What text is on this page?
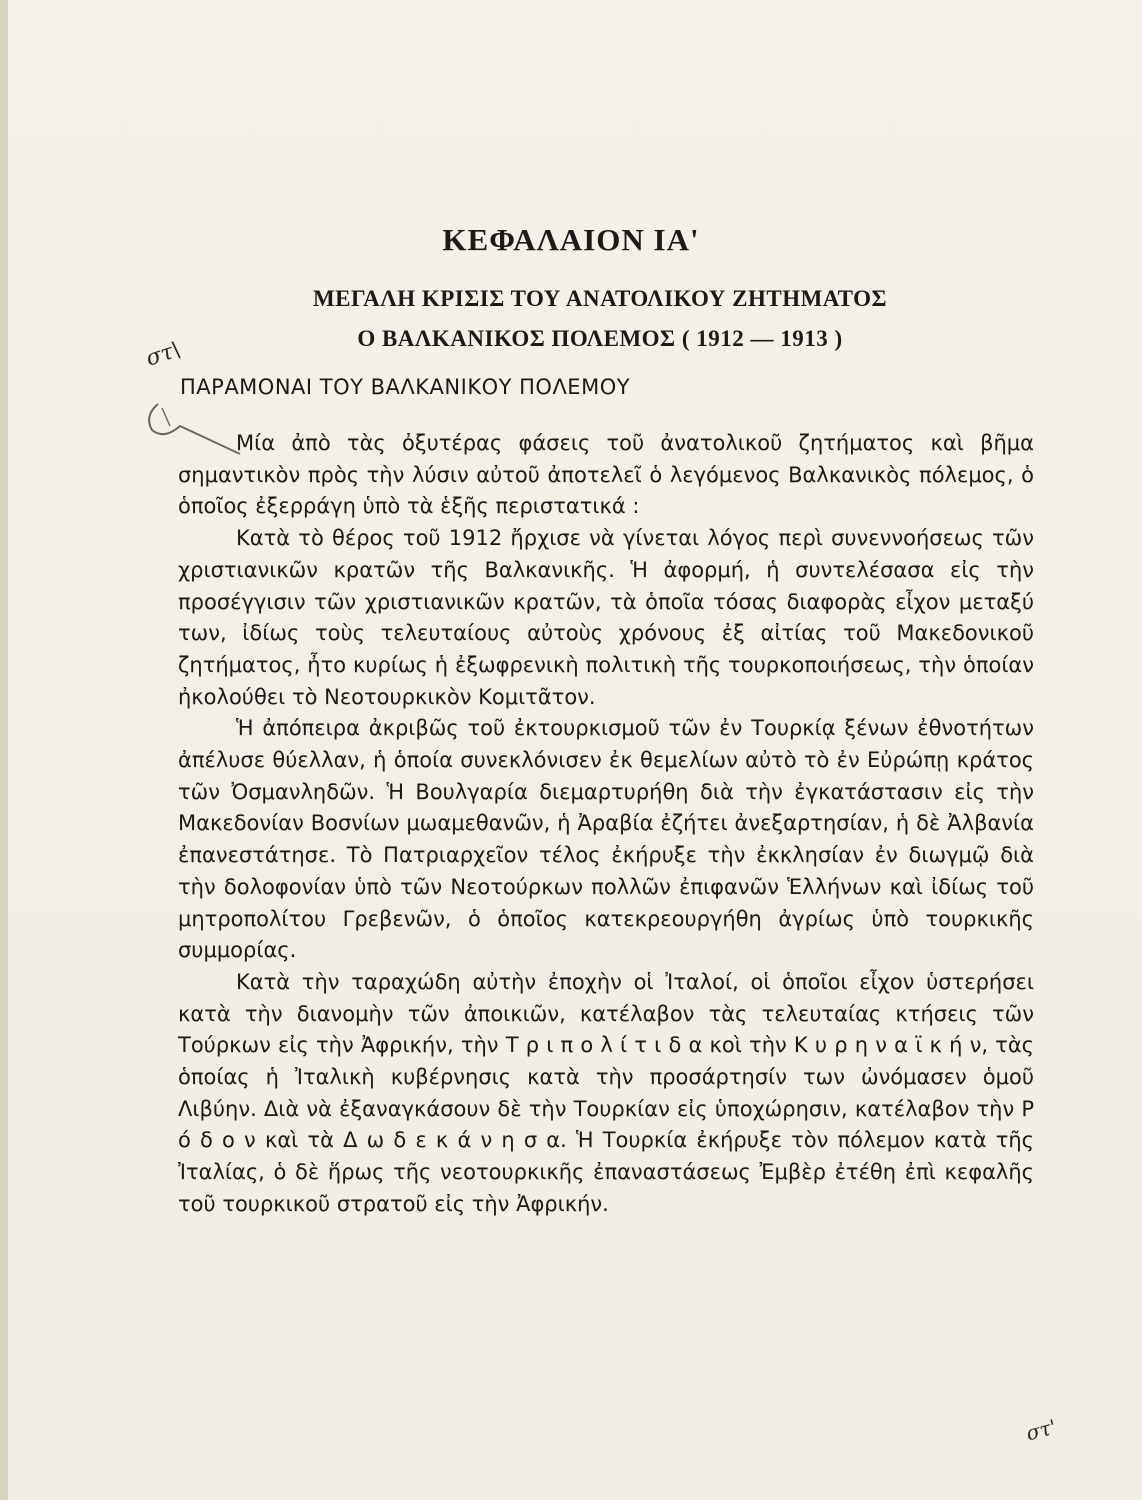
ΚΕΦΑΛΑΙΟΝ ΙΑ'
ΜΕΓΑΛΗ ΚΡΙΣΙΣ ΤΟΥ ΑΝΑΤΟΛΙΚΟΥ ΖΗΤΗΜΑΤΟΣ
Ο ΒΑΛΚΑΝΙΚΟΣ ΠΟΛΕΜΟΣ ( 1912 — 1913 )
στ\
ΠΑΡΑΜΟΝΑΙ ΤΟΥ ΒΑΛΚΑΝΙΚΟΥ ΠΟΛΕΜΟΥ

Μία ἀπὸ τὰς ὀξυτέρας φάσεις τοῦ ἀνατολικοῦ ζητήματος καὶ βῆμα σημαντικὸν πρὸς τὴν λύσιν αὐτοῦ ἀποτελεῖ ὁ λεγόμενος Βαλκανικὸς πόλεμος, ὁ ὁποῖος ἐξερράγη ὑπὸ τὰ ἑξῆς περιστατικά :

Κατὰ τὸ θέρος τοῦ 1912 ἤρχισε νὰ γίνεται λόγος περὶ συνεννοήσεως τῶν χριστιανικῶν κρατῶν τῆς Βαλκανικῆς. Ἡ ἀφορμή, ἡ συντελέσασα εἰς τὴν προσέγγισιν τῶν χριστιανικῶν κρατῶν, τὰ ὁποῖα τόσας διαφορὰς εἶχον μεταξύ των, ἰδίως τοὺς τελευταίους αὐτοὺς χρόνους ἐξ αἰτίας τοῦ Μακεδονικοῦ ζητήματος, ἦτο κυρίως ἡ ἐξωφρενικὴ πολιτικὴ τῆς τουρκοποιήσεως, τὴν ὁποίαν ἠκολούθει τὸ Νεοτουρκικὸν Κομιτᾶτον.

Ἡ ἀπόπειρα ἀκριβῶς τοῦ ἐκτουρκισμοῦ τῶν ἐν Τουρκίᾳ ξένων ἐθνοτήτων ἀπέλυσε θύελλαν, ἡ ὁποία συνεκλόνισεν ἐκ θεμελίων αὐτὸ τὸ ἐν Εὐρώπῃ κράτος τῶν Ὀσμανληδῶν. Ἡ Βουλγαρία διεμαρτυρήθη διὰ τὴν ἐγκατάστασιν εἰς τὴν Μακεδονίαν Βοσνίων μωαμεθανῶν, ἡ Ἀραβία ἐζήτει ἀνεξαρτησίαν, ἡ δὲ Ἀλβανία ἐπανεστάτησε. Τὸ Πατριαρχεῖον τέλος ἐκήρυξε τὴν ἐκκλησίαν ἐν διωγμῷ διὰ τὴν δολοφονίαν ὑπὸ τῶν Νεοτούρκων πολλῶν ἐπιφανῶν Ἑλλήνων καὶ ἰδίως τοῦ μητροπολίτου Γρεβενῶν, ὁ ὁποῖος κατεκρεουργήθη ἀγρίως ὑπὸ τουρκικῆς συμμορίας.

Κατὰ τὴν ταραχώδη αὐτὴν ἐποχὴν οἱ Ἰταλοί, οἱ ὁποῖοι εἶχον ὑστερήσει κατὰ τὴν διανομὴν τῶν ἀποικιῶν, κατέλαβον τὰς τελευταίας κτήσεις τῶν Τούρκων εἰς τὴν Ἀφρικήν, τὴν Τ ρ ι π ο λ ί τ ι δ α κοὶ τὴν Κ υ ρ η ν α ϊ κ ή ν, τὰς ὁποίας ἡ Ἰταλικὴ κυβέρνησις κατὰ τὴν προσάρτησίν των ὠνόμασεν ὁμοῦ Λιβύην. Διὰ νὰ ἐξαναγκάσουν δὲ τὴν Τουρκίαν εἰς ὑποχώρησιν, κατέλαβον τὴν Ρ ό δ ο ν καὶ τὰ Δ ω δ ε κ ά ν η σ α. Ἡ Τουρκία ἐκήρυξε τὸν πόλεμον κατὰ τῆς Ἰταλίας, ὁ δὲ ἥρως τῆς νεοτουρκικῆς ἐπαναστάσεως Ἐμβὲρ ἐτέθη ἐπὶ κεφαλῆς τοῦ τουρκικοῦ στρατοῦ εἰς τὴν Ἀφρικήν.

στ'
